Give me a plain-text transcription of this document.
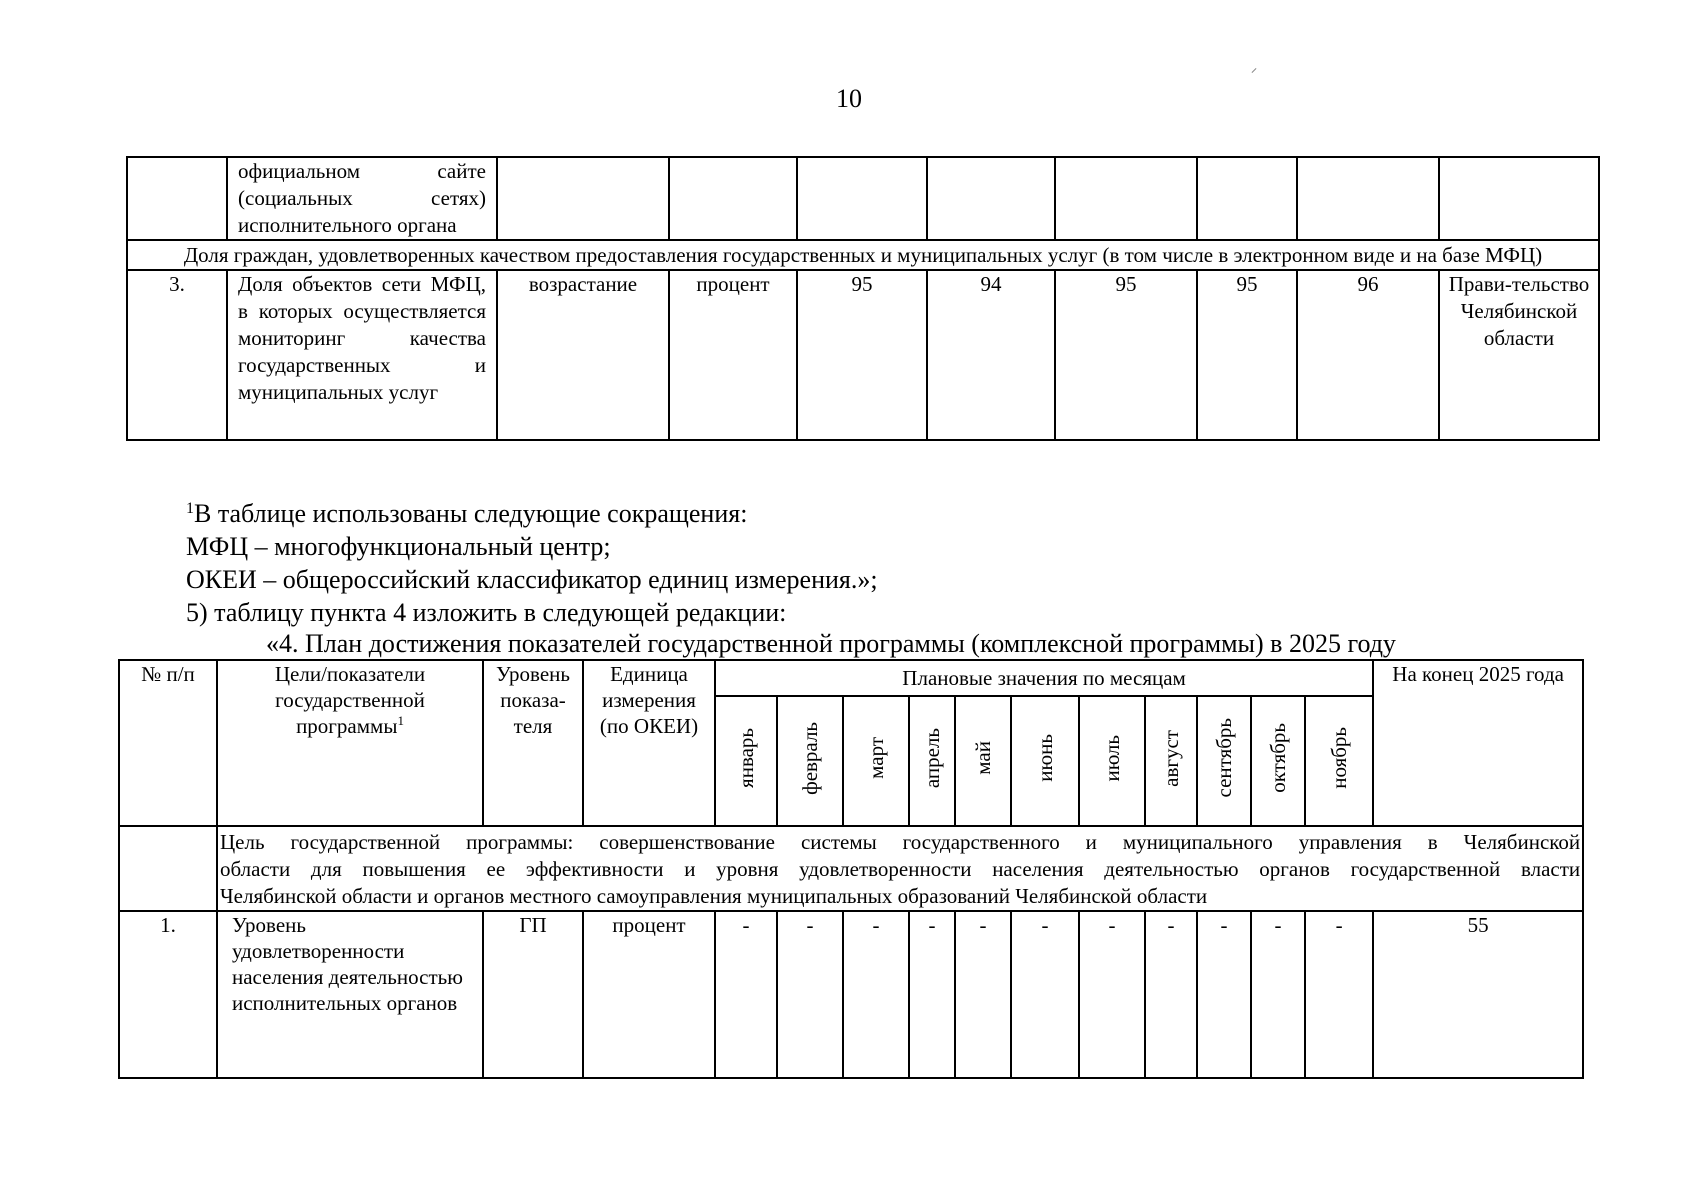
10
	официальном сайте (социальных сетях) исполнительного органа								
Доля граждан, удовлетворенных качеством предоставления государственных и муниципальных услуг (в том числе в электронном виде и на базе МФЦ)									
3.	Доля объектов сети МФЦ, в которых осуществляется мониторинг качества государственных и муниципальных услуг	возрастание	процент	95	94	95	95	96	Прави-тельство Челябинской области

$^1$В таблице использованы следующие сокращения:

МФЦ – многофункциональный центр;

ОКЕИ – общероссийский классификатор единиц измерения.»;

5) таблицу пункта 4 изложить в следующей редакции:

«4. План достижения показателей государственной программы (комплексной программы) в 2025 году
№ п/п	Цели/показатели государственной программы$^1$	Уровень показа-теля	Единица измерения (по ОКЕИ)	Плановые значения по месяцам											На конец 2025 года
				январь	февраль	март	апрель	май	июнь	июль	август	сентябрь	октябрь	ноябрь	

	Цель государственной программы: совершенствование системы государственного и муниципального управления в Челябинской
области для повышения ее эффективности и уровня удовлетворенности населения деятельностью органов государственной власти
Челябинской области и органов местного самоуправления муниципальных образований Челябинской области														

1.	Уровень удовлетворенности населения деятельностью исполнительных органов	ГП	процент	-	-	-	-	-	-	-	-	-	-	-	55
